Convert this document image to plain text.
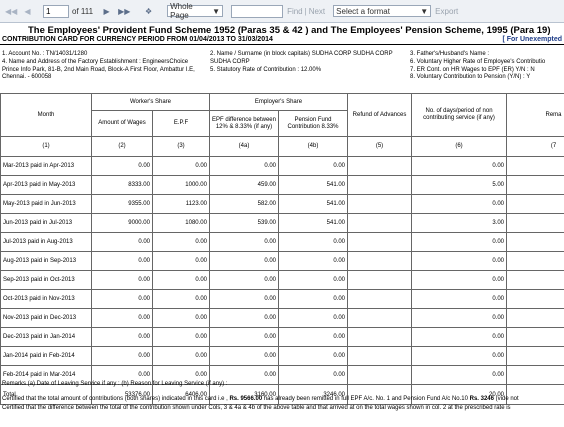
◀◀ ◀
1	of 111	▶	▶▶ ❖ Whole Page	▼	Find | Next Select a format	▼ Export
The Employees' Provident Fund Scheme 1952 (Paras 35 & 42 ) and The Employees' Pension Scheme, 1995 (Para 19)
CONTRIBUTION CARD FOR CURRENCY PERIOD FROM 01/04/2013 TO 31/03/2014	[ For Unexempted
1. Account No. : TN/14031/1280
4. Name and Address of the Factory Establishment : EngineersChoice
Prince Info Park, 81-B, 2nd Main Road, Block-A First Floor, Ambattur I.E,
Chennai. - 600058
2. Name / Surname (in block capitals) SUDHA CORP SUDHA CORP
SUDHA CORP
5. Statutory Rate of Contribution : 12.00%
3. Father's/Husband's Name :
6. Voluntary Higher Rate of Employee's Contributio
7. ER Cont. on HR Wages to EPF (ER) Y/N : N
8. Voluntary Contribution to Pension (Y/N) : Y
Month	Worker's Share		Employer's Share		Refund of Advances	No. of days/period of non contributing service (if any)	Rema
	Amount of Wages	E.P.F	EPF difference between 12% & 8.33% (if any)	Pension Fund Contribution 8.33%			
(1)	(2)	(3)	(4a)	(4b)	(5)	(6)	(7
Mar-2013 paid in Apr-2013	0.00	0.00	0.00	0.00		0.00	
Apr-2013 paid in May-2013	8333.00	1000.00	459.00	541.00		5.00	
May-2013 paid in Jun-2013	9355.00	1123.00	582.00	541.00		0.00	
Jun-2013 paid in Jul-2013	9000.00	1080.00	539.00	541.00		3.00	
Jul-2013 paid in Aug-2013	0.00	0.00	0.00	0.00		0.00	
Aug-2013 paid in Sep-2013	0.00	0.00	0.00	0.00		0.00	
Sep-2013 paid in Oct-2013	0.00	0.00	0.00	0.00		0.00	
Oct-2013 paid in Nov-2013	0.00	0.00	0.00	0.00		0.00	
Nov-2013 paid in Dec-2013	0.00	0.00	0.00	0.00		0.00	
Dec-2013 paid in Jan-2014	0.00	0.00	0.00	0.00		0.00	
Jan-2014 paid in Feb-2014	0.00	0.00	0.00	0.00		0.00	
Feb-2014 paid in Mar-2014	0.00	0.00	0.00	0.00		0.00	
Total	53376.00	6406.00	3160.00	3246.00		20.00	
Remarks (a) Date of Leaving Service if any : (b) Reason for Leaving Service (if any) :
Certified that the total amount of contributions (both shares) indicated in this card i.e , Rs. 9566.00 has already been remitted in full EPF A/c. No. 1 and Pension Fund A/c No.10 Rs. 3246 (vide not
Certified that the difference between the total of the contribution shown under Cols, 3 & 4a & 4b of the above table and that arrived at on the total wages shown in col. 2 at the prescribed rate is
